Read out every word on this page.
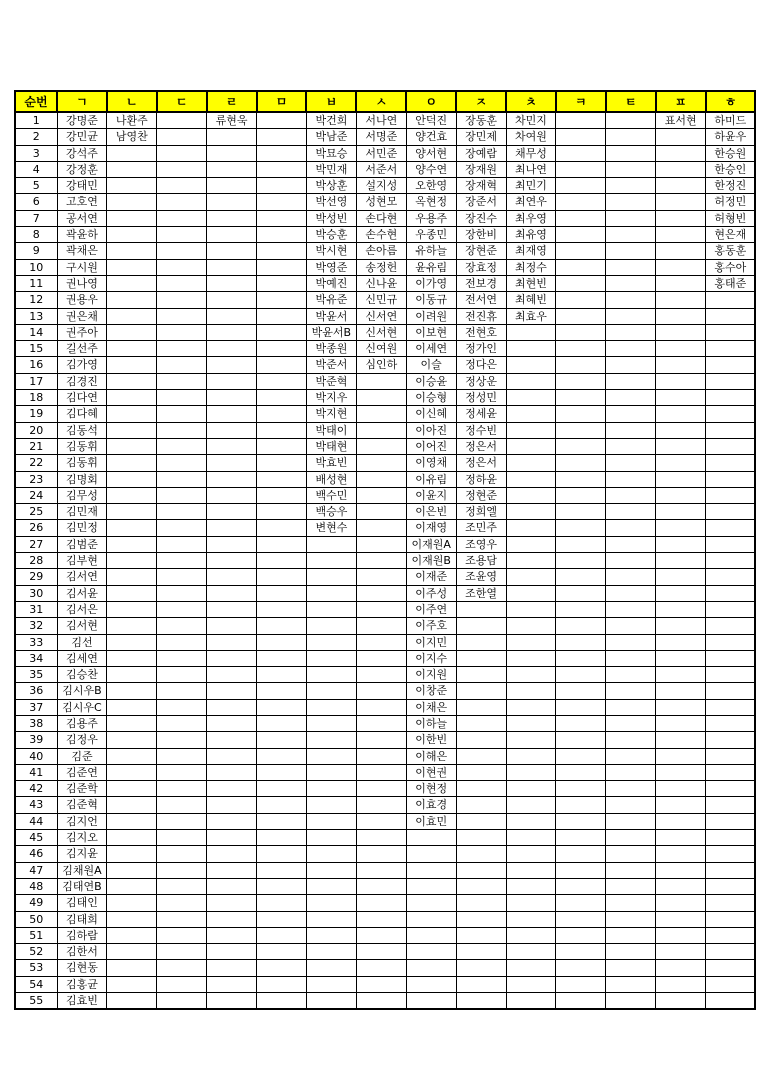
순번	ㄱ	ㄴ	ㄷ	ㄹ	ㅁ	ㅂ	ㅅ	ㅇ	ㅈ	ㅊ	ㅋ	ㅌ	ㅍ	ㅎ
1	강명준	나환주		류현욱		박건희	서나연	안덕진	장동훈	차민지			표서현	하미드
2	강민균	남영찬				박남준	서명준	양건효	장민제	차여원				하윤우
3	강석주					박묘승	서민준	양서현	장예람	채무성				한승원
4	강정훈					박민재	서준서	양수연	장재원	최나연				한승인
5	강태민					박상훈	설지성	오한영	장재혁	최민기				한정진
6	고호연					박선영	성현모	옥현정	장준서	최연우				허정민
7	공서연					박성빈	손다현	우용주	장진수	최우영				허형빈
8	곽윤하					박승훈	손수현	우종민	장한비	최유영				현은재
9	곽채은					박시현	손아름	유하늘	장현준	최재영				홍동훈
10	구시원					박영준	송정헌	윤유림	장효정	최정수				홍수아
11	권나영					박예진	신나윤	이가영	전보경	최현빈				홍태준
12	권용우					박유준	신민규	이동규	전서연	최혜빈				
13	권은채					박윤서	신서연	이려원	전진휴	최효우				
14	권주아					박윤서B	신서현	이보현	전현호					
15	길선주					박종원	신여원	이세연	정가인					
16	김가영					박준서	심인하	이슬	정다은					
17	김경진					박준혁		이승윤	정상운					
18	김다연					박지우		이승형	정성민					
19	김다혜					박지현		이신혜	정세윤					
20	김동석					박태이		이아진	정수빈					
21	김동휘					박태현		이어진	정은서					
22	김동휘					박효빈		이영채	정은서					
23	김명회					배성현		이유림	정하윤					
24	김무성					백수민		이윤지	정현준					
25	김민재					백승우		이은빈	정희엘					
26	김민정					변현수		이재영	조민주					
27	김범준							이재원A	조영우					
28	김부현							이재원B	조용담					
29	김서연							이재준	조윤영					
30	김서윤							이주성	조한열					
31	김서은							이주연						
32	김서현							이주호						
33	김선							이지민						
34	김세연							이지수						
35	김승찬							이지원						
36	김시우B							이창준						
37	김시우C							이채은						
38	김용주							이하늘						
39	김정우							이한빈						
40	김준							이해은						
41	김준연							이현권						
42	김준학							이현정						
43	김준혁							이효경						
44	김지언							이효민						
45	김지오													
46	김지윤													
47	김채원A													
48	김태연B													
49	김태인													
50	김태희													
51	김하람													
52	김한서													
53	김현동													
54	김홍균													
55	김효빈													
